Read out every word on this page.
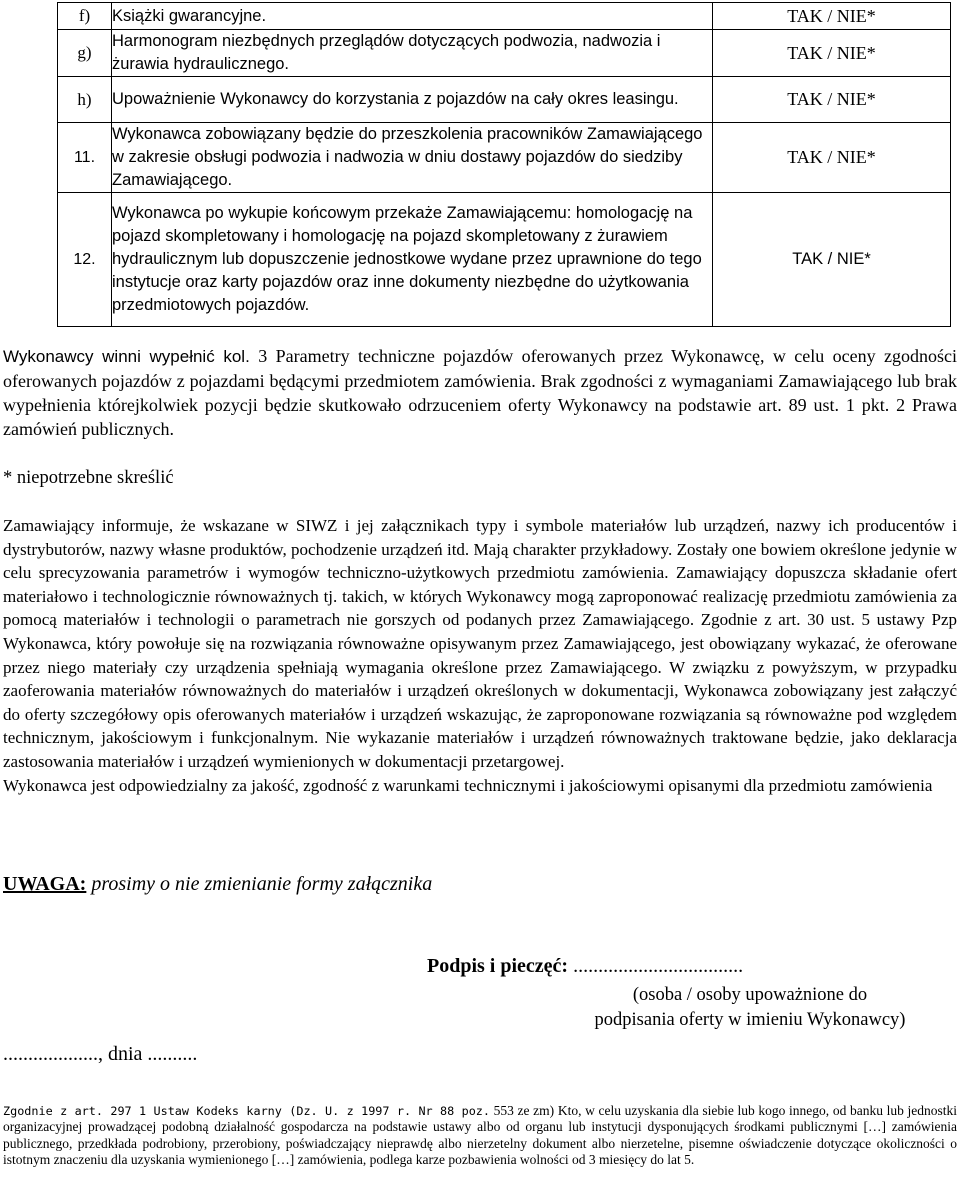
f)	Książki gwarancyjne.	TAK / NIE*
g)	Harmonogram niezbędnych przeglądów dotyczących podwozia, nadwozia i żurawia hydraulicznego.	TAK / NIE*
h)	Upoważnienie Wykonawcy do korzystania z pojazdów na cały okres leasingu.	TAK / NIE*
11.	Wykonawca zobowiązany będzie do przeszkolenia pracowników Zamawiającego w zakresie obsługi podwozia i nadwozia w dniu dostawy pojazdów do siedziby Zamawiającego.	TAK / NIE*
12.	Wykonawca po wykupie końcowym przekaże Zamawiającemu: homologację na pojazd skompletowany i homologację na pojazd skompletowany z żurawiem hydraulicznym lub dopuszczenie jednostkowe wydane przez uprawnione do tego instytucje oraz karty pojazdów oraz inne dokumenty niezbędne do użytkowania przedmiotowych pojazdów.	TAK / NIE*
Wykonawcy winni wypełnić kol. 3 Parametry techniczne pojazdów oferowanych przez Wykonawcę, w celu oceny zgodności oferowanych pojazdów z pojazdami będącymi przedmiotem zamówienia. Brak zgodności z wymaganiami Zamawiającego lub brak wypełnienia którejkolwiek pozycji będzie skutkowało odrzuceniem oferty Wykonawcy na podstawie art. 89 ust. 1 pkt. 2 Prawa zamówień publicznych.
* niepotrzebne skreślić

Zamawiający informuje, że wskazane w SIWZ i jej załącznikach typy i symbole materiałów lub urządzeń, nazwy ich producentów i dystrybutorów, nazwy własne produktów, pochodzenie urządzeń itd. Mają charakter przykładowy. Zostały one bowiem określone jedynie w celu sprecyzowania parametrów i wymogów techniczno-użytkowych przedmiotu zamówienia. Zamawiający dopuszcza składanie ofert materiałowo i technologicznie równoważnych tj. takich, w których Wykonawcy mogą zaproponować realizację przedmiotu zamówienia za pomocą materiałów i technologii o parametrach nie gorszych od podanych przez Zamawiającego. Zgodnie z art. 30 ust. 5 ustawy Pzp Wykonawca, który powołuje się na rozwiązania równoważne opisywanym przez Zamawiającego, jest obowiązany wykazać, że oferowane przez niego materiały czy urządzenia spełniają wymagania określone przez Zamawiającego. W związku z powyższym, w przypadku zaoferowania materiałów równoważnych do materiałów i urządzeń określonych w dokumentacji, Wykonawca zobowiązany jest załączyć do oferty szczegółowy opis oferowanych materiałów i urządzeń wskazując, że zaproponowane rozwiązania są równoważne pod względem technicznym, jakościowym i funkcjonalnym. Nie wykazanie materiałów i urządzeń równoważnych traktowane będzie, jako deklaracja zastosowania materiałów i urządzeń wymienionych w dokumentacji przetargowej.

Wykonawca jest odpowiedzialny za jakość, zgodność z warunkami technicznymi i jakościowymi opisanymi dla przedmiotu zamówienia

UWAGA: prosimy o nie zmienianie formy załącznika
Podpis i pieczęć: ..................................
(osoba / osoby upoważnione do
podpisania oferty w imieniu Wykonawcy)
..................., dnia ..........
Zgodnie z art. 297 1 Ustaw Kodeks karny (Dz. U. z 1997 r. Nr 88 poz. 553 ze zm) Kto, w celu uzyskania dla siebie lub kogo innego, od banku lub jednostki organizacyjnej prowadzącej podobną działalność gospodarcza na podstawie ustawy albo od organu lub instytucji dysponujących środkami publicznymi […] zamówienia publicznego, przedkłada podrobiony, przerobiony, poświadczający nieprawdę albo nierzetelny dokument albo nierzetelne, pisemne oświadczenie dotyczące okoliczności o istotnym znaczeniu dla uzyskania wymienionego […] zamówienia, podlega karze pozbawienia wolności od 3 miesięcy do lat 5.
